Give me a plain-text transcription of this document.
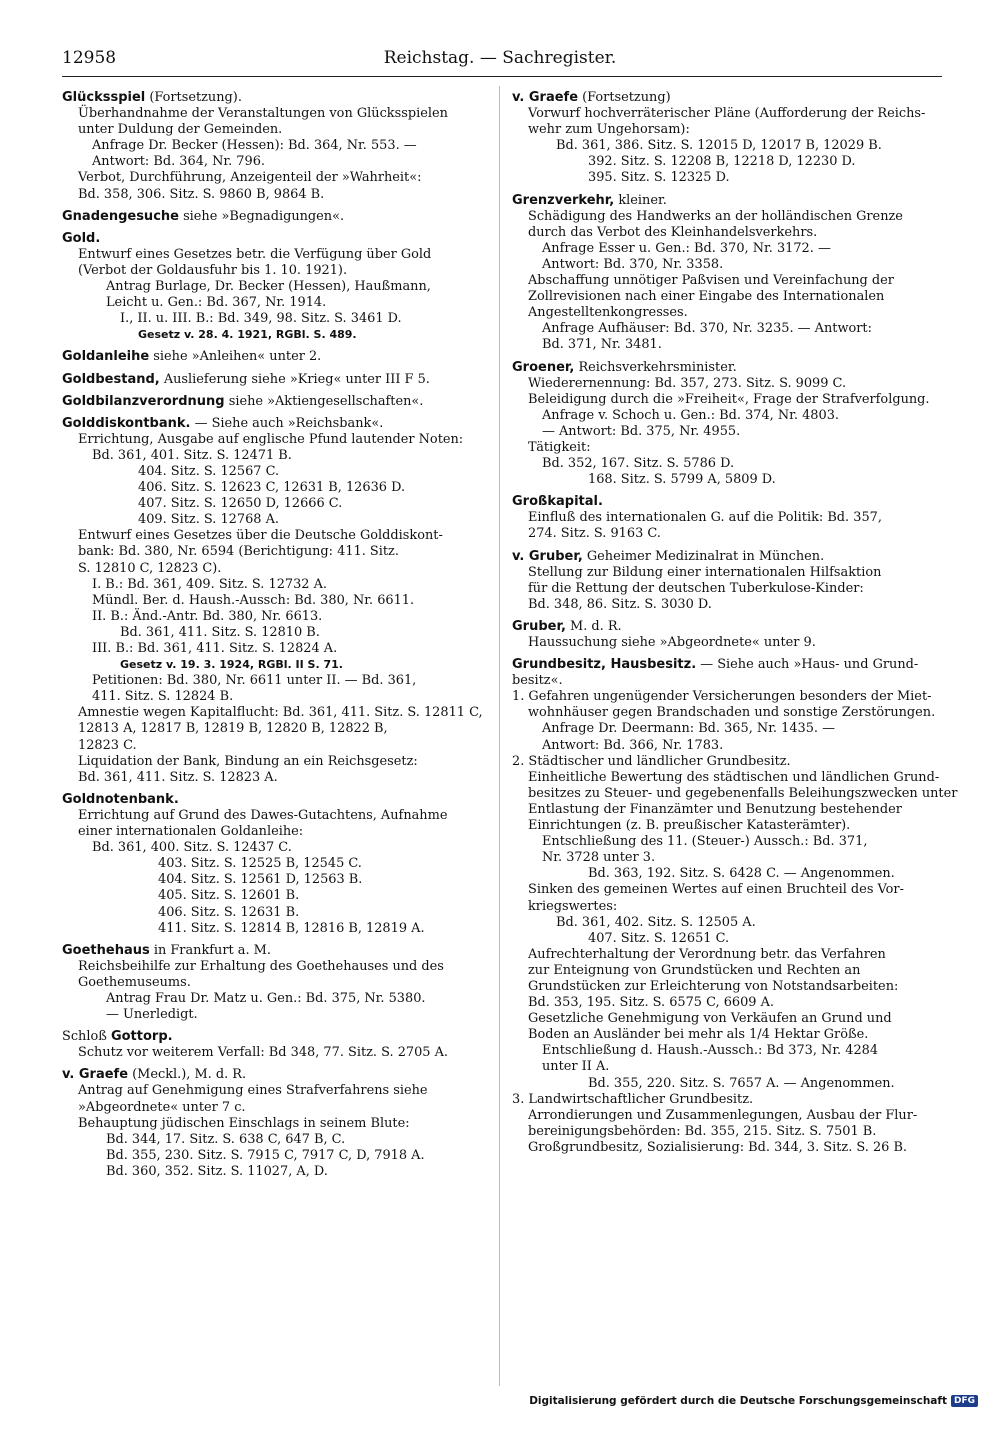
12958	Reichstag. — Sachregister.
Glücksspiel (Fortsetzung).
Überhandnahme der Veranstaltungen von Glücksspielen
unter Duldung der Gemeinden.
Anfrage Dr. Becker (Hessen): Bd. 364, Nr. 553. —
Antwort: Bd. 364, Nr. 796.
Verbot, Durchführung, Anzeigenteil der »Wahrheit«:
Bd. 358, 306. Sitz. S. 9860 B, 9864 B.
Gnadengesuche siehe »Begnadigungen«.
Gold.
Entwurf eines Gesetzes betr. die Verfügung über Gold
(Verbot der Goldausfuhr bis 1. 10. 1921).
Antrag Burlage, Dr. Becker (Hessen), Haußmann,
Leicht u. Gen.: Bd. 367, Nr. 1914.
I., II. u. III. B.: Bd. 349, 98. Sitz. S. 3461 D.
Gesetz v. 28. 4. 1921, RGBl. S. 489.
Goldanleihe siehe »Anleihen« unter 2.
Goldbestand, Auslieferung siehe »Krieg« unter III F 5.
Goldbilanzverordnung siehe »Aktiengesellschaften«.
Golddiskontbank. — Siehe auch »Reichsbank«.
Errichtung, Ausgabe auf englische Pfund lautender Noten:
Bd. 361, 401. Sitz. S. 12471 B.
404. Sitz. S. 12567 C.
406. Sitz. S. 12623 C, 12631 B, 12636 D.
407. Sitz. S. 12650 D, 12666 C.
409. Sitz. S. 12768 A.
Entwurf eines Gesetzes über die Deutsche Golddiskont-
bank: Bd. 380, Nr. 6594 (Berichtigung: 411. Sitz.
S. 12810 C, 12823 C).
I. B.: Bd. 361, 409. Sitz. S. 12732 A.
Mündl. Ber. d. Haush.-Aussch: Bd. 380, Nr. 6611.
II. B.: Änd.-Antr. Bd. 380, Nr. 6613.
Bd. 361, 411. Sitz. S. 12810 B.
III. B.: Bd. 361, 411. Sitz. S. 12824 A.
Gesetz v. 19. 3. 1924, RGBl. II S. 71.
Petitionen: Bd. 380, Nr. 6611 unter II. — Bd. 361,
411. Sitz. S. 12824 B.
Amnestie wegen Kapitalflucht: Bd. 361, 411. Sitz. S. 12811 C,
12813 A, 12817 B, 12819 B, 12820 B, 12822 B,
12823 C.
Liquidation der Bank, Bindung an ein Reichsgesetz:
Bd. 361, 411. Sitz. S. 12823 A.
Goldnotenbank.
Errichtung auf Grund des Dawes-Gutachtens, Aufnahme
einer internationalen Goldanleihe:
Bd. 361, 400. Sitz. S. 12437 C.
403. Sitz. S. 12525 B, 12545 C.
404. Sitz. S. 12561 D, 12563 B.
405. Sitz. S. 12601 B.
406. Sitz. S. 12631 B.
411. Sitz. S. 12814 B, 12816 B, 12819 A.
Goethehaus in Frankfurt a. M.
Reichsbeihilfe zur Erhaltung des Goethehauses und des
Goethemuseums.
Antrag Frau Dr. Matz u. Gen.: Bd. 375, Nr. 5380.
— Unerledigt.
Schloß Gottorp.
Schutz vor weiterem Verfall: Bd 348, 77. Sitz. S. 2705 A.
v. Graefe (Meckl.), M. d. R.
Antrag auf Genehmigung eines Strafverfahrens siehe
»Abgeordnete« unter 7 c.
Behauptung jüdischen Einschlags in seinem Blute:
Bd. 344, 17. Sitz. S. 638 C, 647 B, C.
Bd. 355, 230. Sitz. S. 7915 C, 7917 C, D, 7918 A.
Bd. 360, 352. Sitz. S. 11027, A, D.
v. Graefe (Fortsetzung)
Vorwurf hochverräterischer Pläne (Aufforderung der Reichs-
wehr zum Ungehorsam):
Bd. 361, 386. Sitz. S. 12015 D, 12017 B, 12029 B.
392. Sitz. S. 12208 B, 12218 D, 12230 D.
395. Sitz. S. 12325 D.
Grenzverkehr, kleiner.
Schädigung des Handwerks an der holländischen Grenze
durch das Verbot des Kleinhandelsverkehrs.
Anfrage Esser u. Gen.: Bd. 370, Nr. 3172. —
Antwort: Bd. 370, Nr. 3358.
Abschaffung unnötiger Paßvisen und Vereinfachung der
Zollrevisionen nach einer Eingabe des Internationalen
Angestelltenkongresses.
Anfrage Aufhäuser: Bd. 370, Nr. 3235. — Antwort:
Bd. 371, Nr. 3481.
Groener, Reichsverkehrsminister.
Wiederernennung: Bd. 357, 273. Sitz. S. 9099 C.
Beleidigung durch die »Freiheit«, Frage der Strafverfolgung.
Anfrage v. Schoch u. Gen.: Bd. 374, Nr. 4803.
— Antwort: Bd. 375, Nr. 4955.
Tätigkeit:
Bd. 352, 167. Sitz. S. 5786 D.
168. Sitz. S. 5799 A, 5809 D.
Großkapital.
Einfluß des internationalen G. auf die Politik: Bd. 357,
274. Sitz. S. 9163 C.
v. Gruber, Geheimer Medizinalrat in München.
Stellung zur Bildung einer internationalen Hilfsaktion
für die Rettung der deutschen Tuberkulose-Kinder:
Bd. 348, 86. Sitz. S. 3030 D.
Gruber, M. d. R.
Haussuchung siehe »Abgeordnete« unter 9.
Grundbesitz, Hausbesitz. — Siehe auch »Haus- und Grund-
besitz«.
1. Gefahren ungenügender Versicherungen besonders der Miet-
wohnhäuser gegen Brandschaden und sonstige Zerstörungen.
Anfrage Dr. Deermann: Bd. 365, Nr. 1435. —
Antwort: Bd. 366, Nr. 1783.
2. Städtischer und ländlicher Grundbesitz.
Einheitliche Bewertung des städtischen und ländlichen Grund-
besitzes zu Steuer- und gegebenenfalls Beleihungszwecken unter
Entlastung der Finanzämter und Benutzung bestehender
Einrichtungen (z. B. preußischer Katasterämter).
Entschließung des 11. (Steuer-) Aussch.: Bd. 371,
Nr. 3728 unter 3.
Bd. 363, 192. Sitz. S. 6428 C. — Angenommen.
Sinken des gemeinen Wertes auf einen Bruchteil des Vor-
kriegswertes:
Bd. 361, 402. Sitz. S. 12505 A.
407. Sitz. S. 12651 C.
Aufrechterhaltung der Verordnung betr. das Verfahren
zur Enteignung von Grundstücken und Rechten an
Grundstücken zur Erleichterung von Notstandsarbeiten:
Bd. 353, 195. Sitz. S. 6575 C, 6609 A.
Gesetzliche Genehmigung von Verkäufen an Grund und
Boden an Ausländer bei mehr als 1/4 Hektar Größe.
Entschließung d. Haush.-Aussch.: Bd 373, Nr. 4284
unter II A.
Bd. 355, 220. Sitz. S. 7657 A. — Angenommen.
3. Landwirtschaftlicher Grundbesitz.
Arrondierungen und Zusammenlegungen, Ausbau der Flur-
bereinigungsbehörden: Bd. 355, 215. Sitz. S. 7501 B.
Großgrundbesitz, Sozialisierung: Bd. 344, 3. Sitz. S. 26 B.
Digitalisierung gefördert durch die Deutsche Forschungsgemeinschaft DFG
